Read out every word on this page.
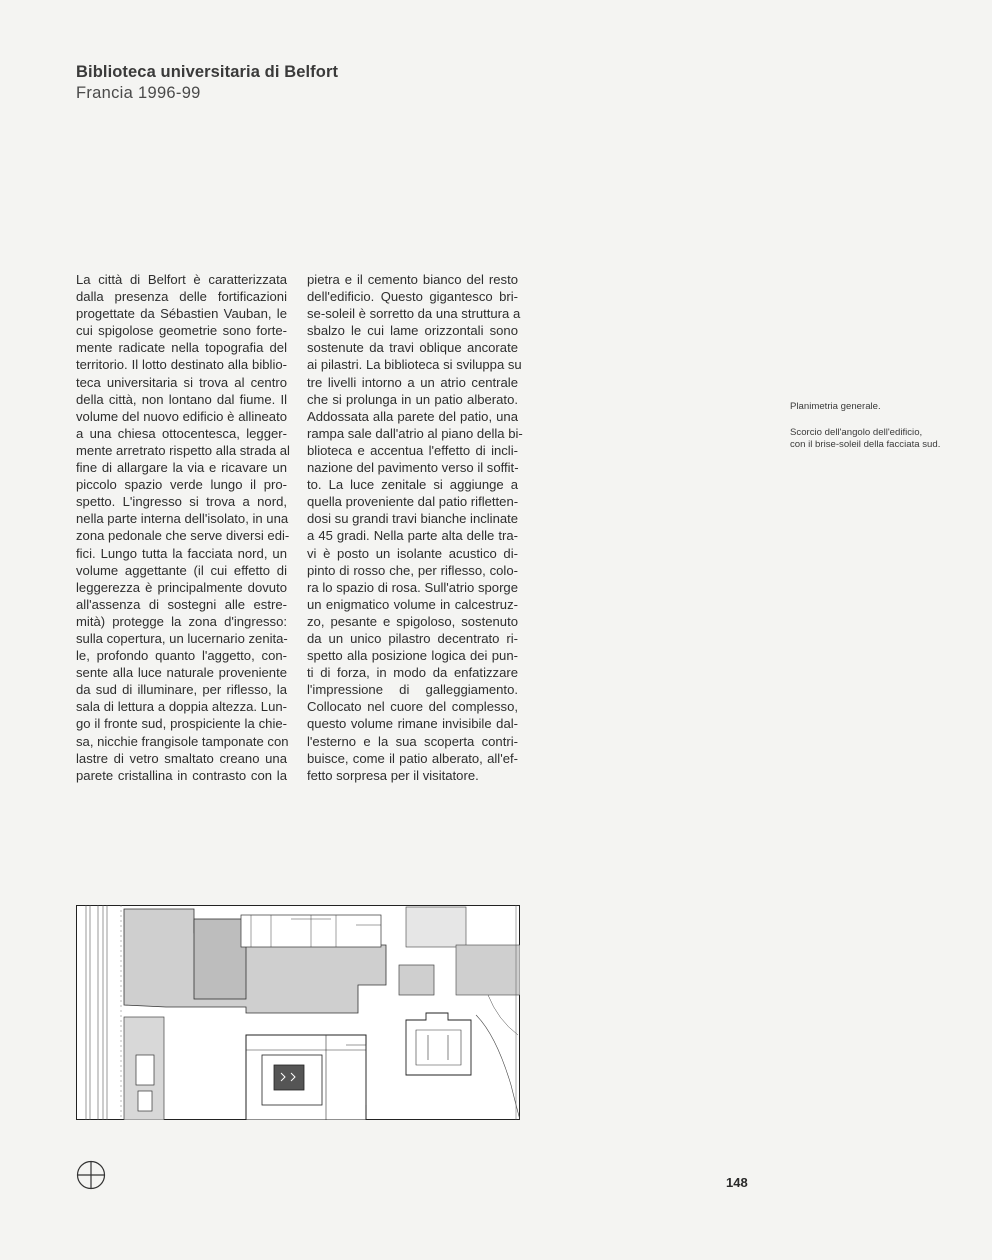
Biblioteca universitaria di Belfort
Francia 1996-99
La città di Belfort è caratterizzata
dalla presenza delle fortificazioni
progettate da Sébastien Vauban, le
cui spigolose geometrie sono forte-
mente radicate nella topografia del
territorio. Il lotto destinato alla biblio-
teca universitaria si trova al centro
della città, non lontano dal fiume. Il
volume del nuovo edificio è allineato
a una chiesa ottocentesca, legger-
mente arretrato rispetto alla strada al
fine di allargare la via e ricavare un
piccolo spazio verde lungo il pro-
spetto. L'ingresso si trova a nord,
nella parte interna dell'isolato, in una
zona pedonale che serve diversi edi-
fici. Lungo tutta la facciata nord, un
volume aggettante (il cui effetto di
leggerezza è principalmente dovuto
all'assenza di sostegni alle estre-
mità) protegge la zona d'ingresso:
sulla copertura, un lucernario zenita-
le, profondo quanto l'aggetto, con-
sente alla luce naturale proveniente
da sud di illuminare, per riflesso, la
sala di lettura a doppia altezza. Lun-
go il fronte sud, prospiciente la chie-
sa, nicchie frangisole tamponate con
lastre di vetro smaltato creano una
parete cristallina in contrasto con la
pietra e il cemento bianco del resto
dell'edificio. Questo gigantesco bri-
se-soleil è sorretto da una struttura a
sbalzo le cui lame orizzontali sono
sostenute da travi oblique ancorate
ai pilastri. La biblioteca si sviluppa su
tre livelli intorno a un atrio centrale
che si prolunga in un patio alberato.
Addossata alla parete del patio, una
rampa sale dall'atrio al piano della bi-
blioteca e accentua l'effetto di incli-
nazione del pavimento verso il soffit-
to. La luce zenitale si aggiunge a
quella proveniente dal patio rifletten-
dosi su grandi travi bianche inclinate
a 45 gradi. Nella parte alta delle tra-
vi è posto un isolante acustico di-
pinto di rosso che, per riflesso, colo-
ra lo spazio di rosa. Sull'atrio sporge
un enigmatico volume in calcestruz-
zo, pesante e spigoloso, sostenuto
da un unico pilastro decentrato ri-
spetto alla posizione logica dei pun-
ti di forza, in modo da enfatizzare
l'impressione di galleggiamento.
Collocato nel cuore del complesso,
questo volume rimane invisibile dal-
l'esterno e la sua scoperta contri-
buisce, come il patio alberato, all'ef-
fetto sorpresa per il visitatore.
Planimetria generale.
Scorcio dell'angolo dell'edificio,
con il brise-soleil della facciata sud.
148
